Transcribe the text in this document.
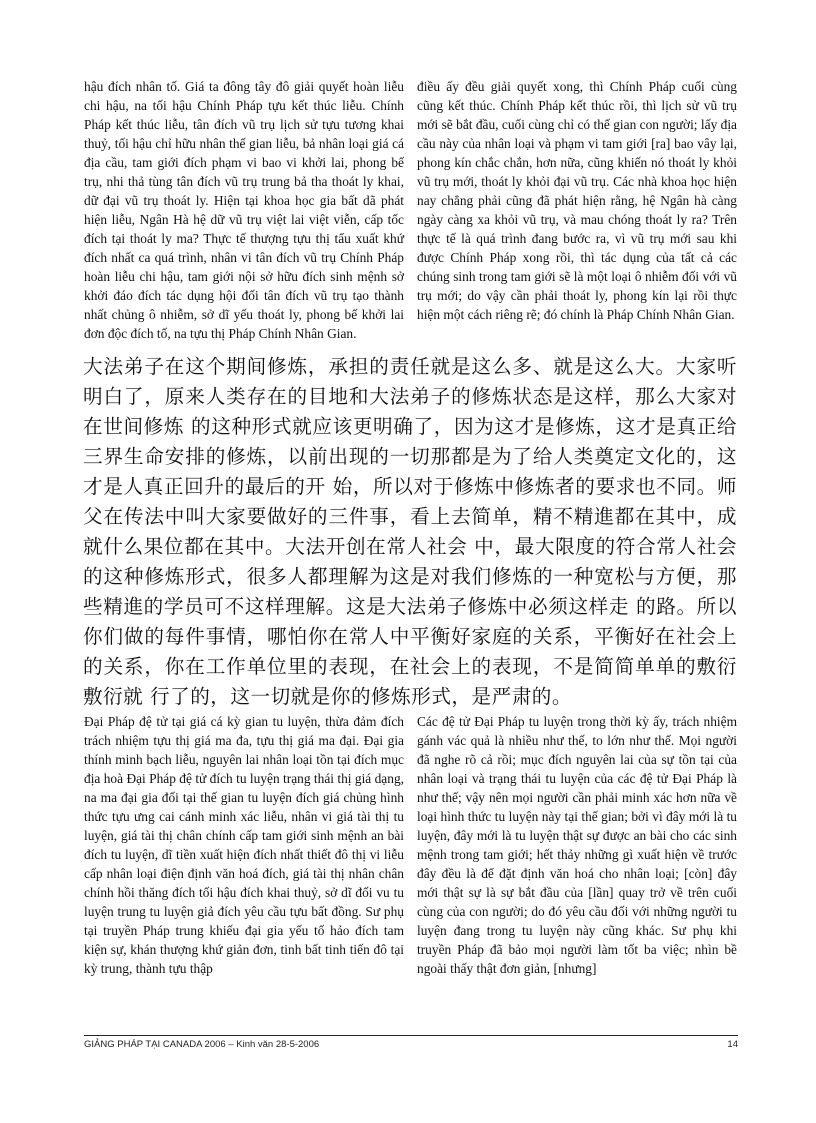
hậu đích nhân tố. Giá ta đông tây đô giải quyết hoàn liễu chi hậu, na tối hậu Chính Pháp tựu kết thúc liễu. Chính Pháp kết thúc liễu, tân đích vũ trụ lịch sử tựu tương khai thuỷ, tối hậu chỉ hữu nhân thế gian liễu, bả nhân loại giá cá địa cầu, tam giới đích phạm vi bao vi khởi lai, phong bế trụ, nhi thả tùng tân đích vũ trụ trung bả tha thoát ly khai, dữ đại vũ trụ thoát ly. Hiện tại khoa học gia bất dã phát hiện liễu, Ngân Hà hệ dữ vũ trụ việt lai việt viễn, cấp tốc đích tại thoát ly ma? Thực tế thượng tựu thị tẩu xuất khứ đích nhất ca quá trình, nhân vi tân đích vũ trụ Chính Pháp hoàn liễu chi hậu, tam giới nội sở hữu đích sinh mệnh sở khởi đáo đích tác dụng hội đối tân đích vũ trụ tạo thành nhất chủng ô nhiễm, sở dĩ yếu thoát ly, phong bế khởi lai đơn độc đích tố, na tựu thị Pháp Chính Nhân Gian.

điều ấy đều giải quyết xong, thì Chính Pháp cuối cùng cũng kết thúc. Chính Pháp kết thúc rồi, thì lịch sử vũ trụ mới sẽ bắt đầu, cuối cùng chỉ có thế gian con người; lấy địa cầu này của nhân loại và phạm vi tam giới [ra] bao vây lại, phong kín chắc chắn, hơn nữa, cũng khiến nó thoát ly khỏi vũ trụ mới, thoát ly khỏi đại vũ trụ. Các nhà khoa học hiện nay chẳng phải cũng đã phát hiện rằng, hệ Ngân hà càng ngày càng xa khỏi vũ trụ, và mau chóng thoát ly ra? Trên thực tế là quá trình đang bước ra, vì vũ trụ mới sau khi được Chính Pháp xong rồi, thì tác dụng của tất cả các chúng sinh trong tam giới sẽ là một loại ô nhiễm đối với vũ trụ mới; do vậy cần phải thoát ly, phong kín lại rồi thực hiện một cách riêng rẽ; đó chính là Pháp Chính Nhân Gian.

大法弟子在这个期间修炼，承担的责任就是这么多、就是这么大。大家听明白了，原来人类存在的目地和大法弟子的修炼状态是这样，那么大家对在世间修炼 的这种形式就应该更明确了，因为这才是修炼，这才是真正给三界生命安排的修炼，以前出现的一切那都是为了给人类奠定文化的，这才是人真正回升的最后的开 始，所以对于修炼中修炼者的要求也不同。师父在传法中叫大家要做好的三件事，看上去简单，精不精進都在其中，成就什么果位都在其中。大法开创在常人社会 中，最大限度的符合常人社会的这种修炼形式，很多人都理解为这是对我们修炼的一种宽松与方便，那些精進的学员可不这样理解。这是大法弟子修炼中必须这样走 的路。所以你们做的每件事情，哪怕你在常人中平衡好家庭的关系，平衡好在社会上的关系，你在工作单位里的表现，在社会上的表现，不是简简单单的敷衍敷衍就 行了的，这一切就是你的修炼形式，是严肃的。

Đại Pháp đệ tử tại giá cá kỳ gian tu luyện, thừa đảm đích trách nhiệm tựu thị giá ma đa, tựu thị giá ma đại. Đại gia thính minh bạch liễu, nguyên lai nhân loại tồn tại đích mục địa hoà Đại Pháp đệ tử đích tu luyện trạng thái thị giá dạng, na ma đại gia đối tại thế gian tu luyện đích giá chủng hình thức tựu ưng cai cánh minh xác liễu, nhân vi giá tài thị tu luyện, giá tài thị chân chính cấp tam giới sinh mệnh an bài đích tu luyện, dĩ tiền xuất hiện đích nhất thiết đô thị vi liễu cấp nhân loại điện định văn hoá đích, giá tài thị nhân chân chính hồi thăng đích tối hậu đích khai thuỷ, sở dĩ đối vu tu luyện trung tu luyện giả đích yêu cầu tựu bất đồng. Sư phụ tại truyền Pháp trung khiếu đại gia yếu tố hảo đích tam kiện sự, khán thượng khứ giản đơn, tinh bất tinh tiến đô tại kỳ trung, thành tựu thập

Các đệ tử Đại Pháp tu luyện trong thời kỳ ấy, trách nhiệm gánh vác quả là nhiều như thế, to lớn như thế. Mọi người đã nghe rõ cả rồi; mục đích nguyên lai của sự tồn tại của nhân loại và trạng thái tu luyện của các đệ tử Đại Pháp là như thế; vậy nên mọi người cần phải minh xác hơn nữa về loại hình thức tu luyện này tại thế gian; bởi vì đây mới là tu luyện, đây mới là tu luyện thật sự được an bài cho các sinh mệnh trong tam giới; hết thảy những gì xuất hiện về trước đây đều là để đặt định văn hoá cho nhân loại; [còn] đây mới thật sự là sự bắt đầu của [lần] quay trở về trên cuối cùng của con người; do đó yêu cầu đối với những người tu luyện đang trong tu luyện này cũng khác. Sư phụ khi truyền Pháp đã bảo mọi người làm tốt ba việc; nhìn bề ngoài thấy thật đơn giản, [nhưng]

GIẢNG PHÁP TẠI CANADA 2006 – Kinh văn 28-5-2006	14
